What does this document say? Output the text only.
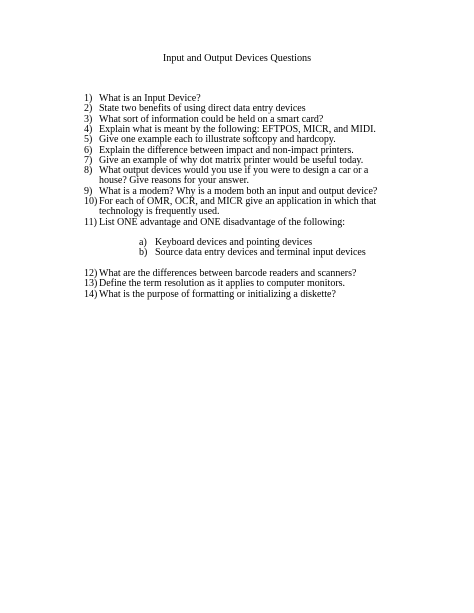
Input and Output Devices Questions
1) What is an Input Device?
2) State two benefits of using direct data entry devices
3) What sort of information could be held on a smart card?
4) Explain what is meant by the following: EFTPOS, MICR, and MIDI.
5) Give one example each to illustrate softcopy and hardcopy.
6) Explain the difference between impact and non-impact printers.
7) Give an example of why dot matrix printer would be useful today.
8) What output devices would you use if you were to design a car or a house? Give reasons for your answer.
9) What is a modem? Why is a modem both an input and output device?
10) For each of OMR, OCR, and MICR give an application in which that technology is frequently used.
11) List ONE advantage and ONE disadvantage of the following:
a) Keyboard devices and pointing devices
b) Source data entry devices and terminal input devices
12) What are the differences between barcode readers and scanners?
13) Define the term resolution as it applies to computer monitors.
14) What is the purpose of formatting or initializing a diskette?
